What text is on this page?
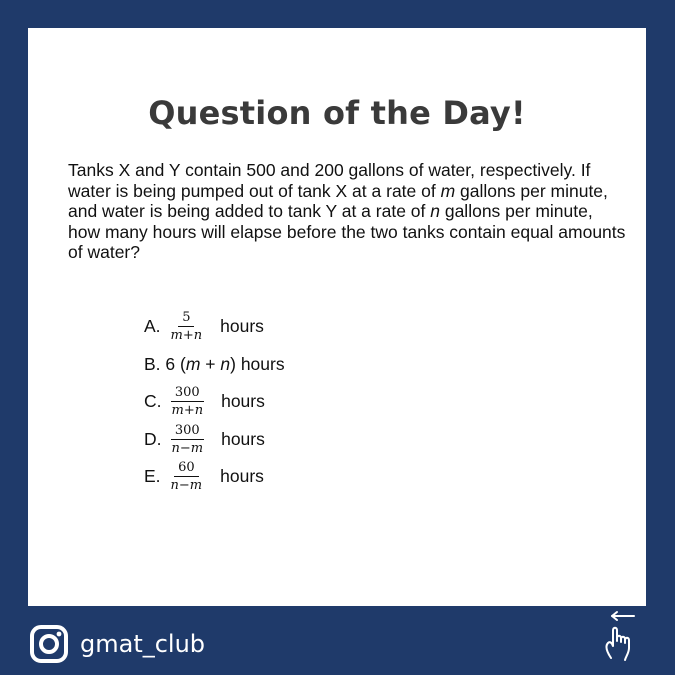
Question of the Day!
Tanks X and Y contain 500 and 200 gallons of water, respectively. If water is being pumped out of tank X at a rate of m gallons per minute, and water is being added to tank Y at a rate of n gallons per minute, how many hours will elapse before the two tanks contain equal amounts of water?
A. $\frac{5}{m+n}$ hours
B.
6 (m + n) hours
C. $\frac{300}{m+n}$ hours
D. $\frac{300}{n-m}$ hours
E. $\frac{60}{n-m}$ hours
gmat_club
